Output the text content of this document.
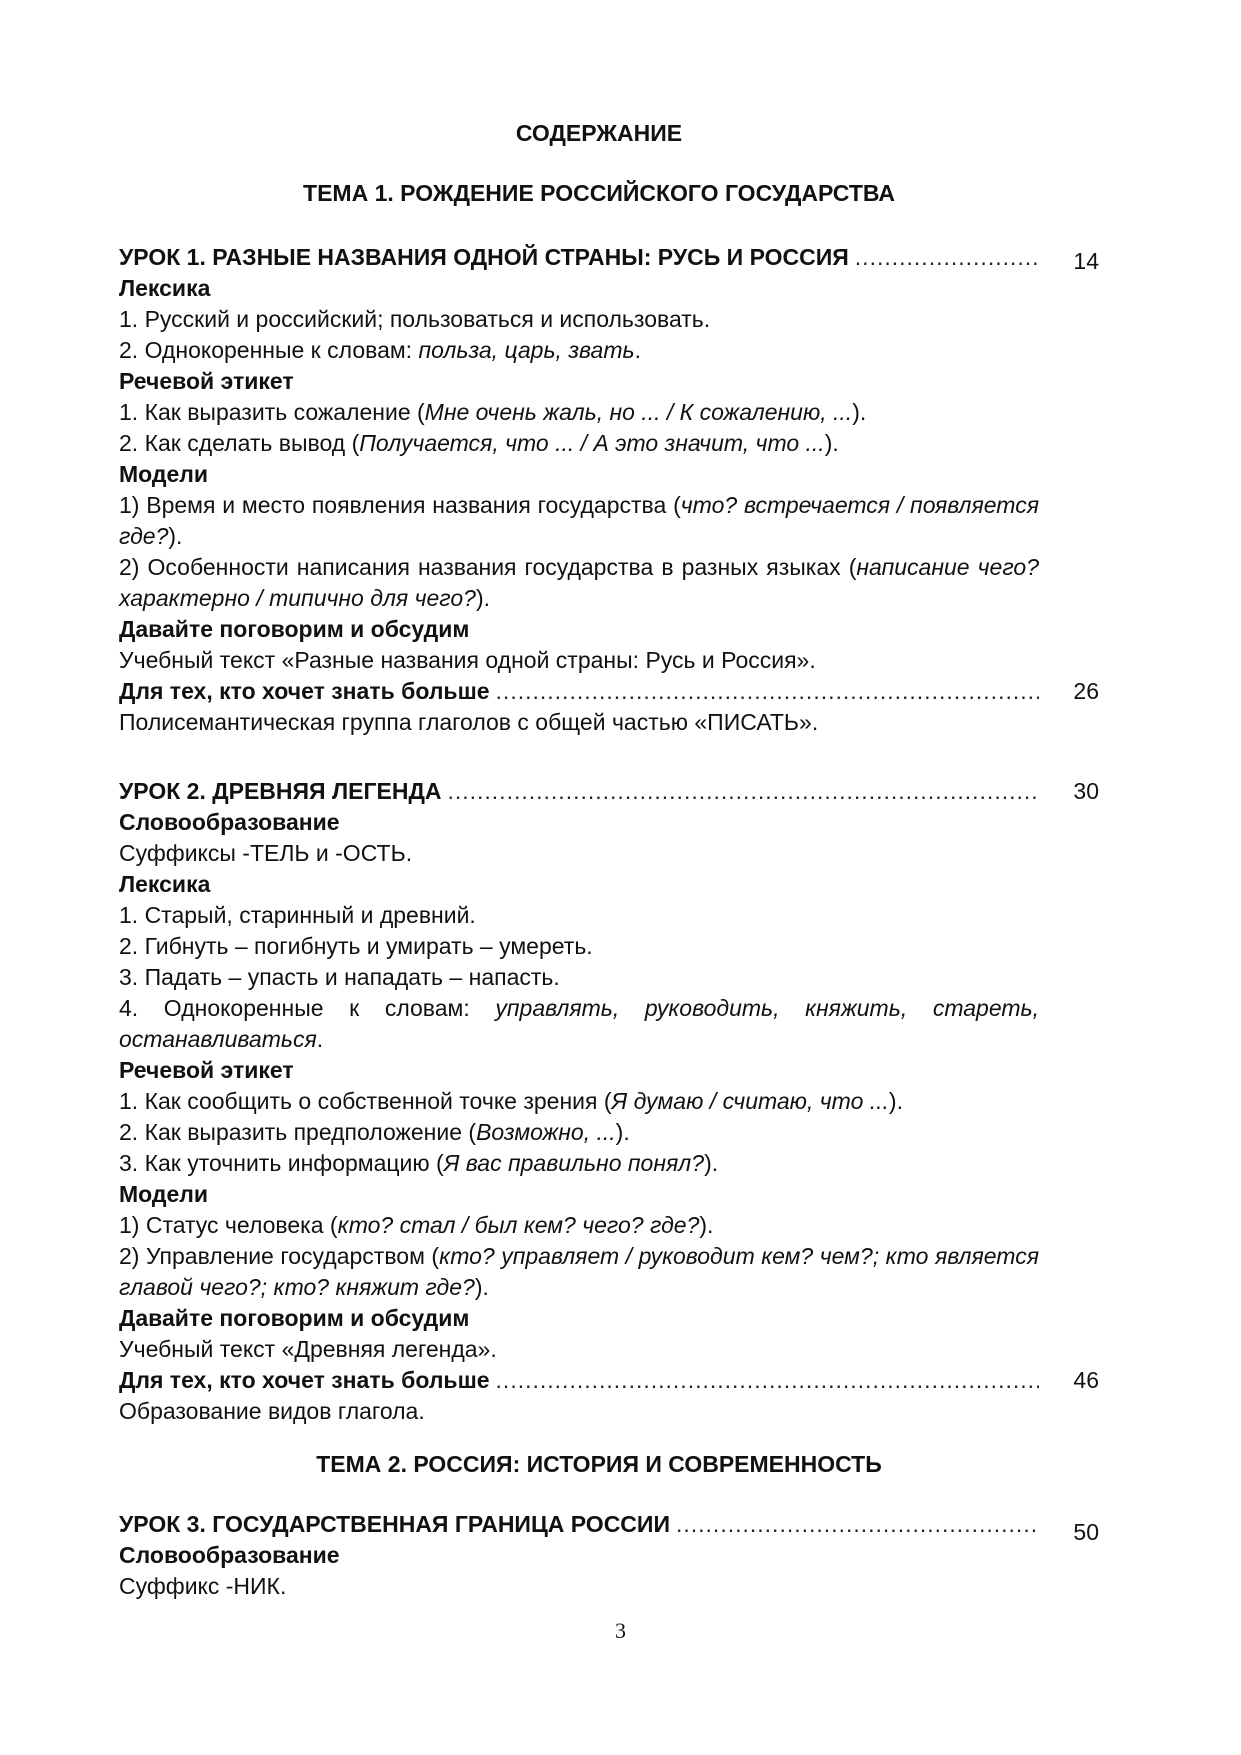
СОДЕРЖАНИЕ
ТЕМА 1. РОЖДЕНИЕ РОССИЙСКОГО ГОСУДАРСТВА
УРОК 1. РАЗНЫЕ НАЗВАНИЯ ОДНОЙ СТРАНЫ: РУСЬ И РОССИЯ .....	14
Лексика
1. Русский и российский; пользоваться и использовать.
2. Однокоренные к словам: польза, царь, звать.
Речевой этикет
1. Как выразить сожаление (Мне очень жаль, но ... / К сожалению, ...).
2. Как сделать вывод (Получается, что ... / А это значит, что ...).
Модели
1) Время и место появления названия государства (что? встречается / появляется где?).
2) Особенности написания названия государства в разных языках (написание чего? характерно / типично для чего?).
Давайте поговорим и обсудим
Учебный текст «Разные названия одной страны: Русь и Россия».
Для тех, кто хочет знать больше .....	26
Полисемантическая группа глаголов с общей частью «ПИСАТЬ».
УРОК 2. ДРЕВНЯЯ ЛЕГЕНДА .....	30
Словообразование
Суффиксы -ТЕЛЬ и -ОСТЬ.
Лексика
1. Старый, старинный и древний.
2. Гибнуть – погибнуть и умирать – умереть.
3. Падать – упасть и нападать – напасть.
4. Однокоренные к словам: управлять, руководить, княжить, стареть, останавливаться.
Речевой этикет
1. Как сообщить о собственной точке зрения (Я думаю / считаю, что ...).
2. Как выразить предположение (Возможно, ...).
3. Как уточнить информацию (Я вас правильно понял?).
Модели
1) Статус человека (кто? стал / был кем? чего? где?).
2) Управление государством (кто? управляет / руководит кем? чем?; кто является главой чего?; кто? княжит где?).
Давайте поговорим и обсудим
Учебный текст «Древняя легенда».
Для тех, кто хочет знать больше .....	46
Образование видов глагола.
ТЕМА 2. РОССИЯ: ИСТОРИЯ И СОВРЕМЕННОСТЬ
УРОК 3. ГОСУДАРСТВЕННАЯ ГРАНИЦА РОССИИ .....	50
Словообразование
Суффикс -НИК.
3
